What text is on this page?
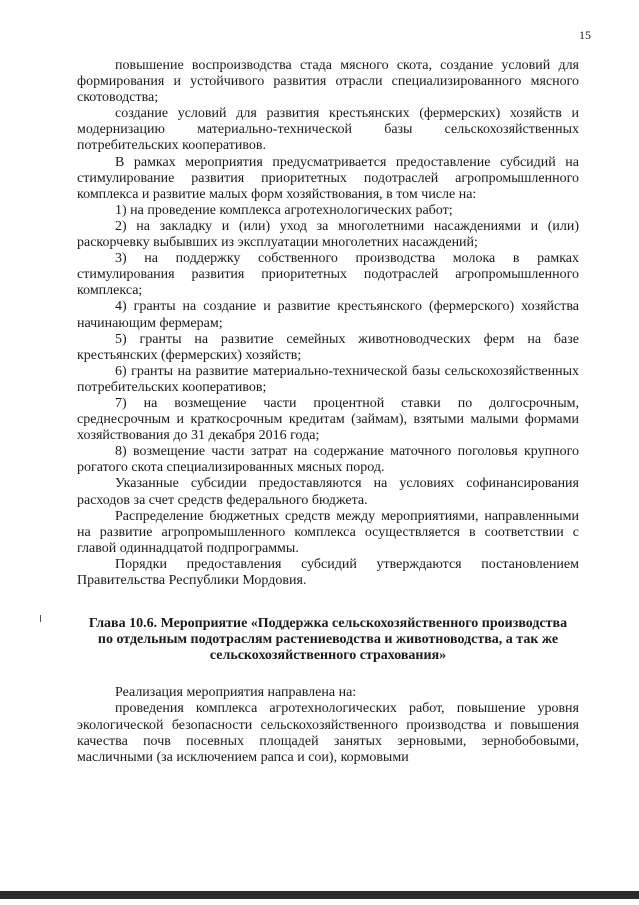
15

повышение воспроизводства стада мясного скота, создание условий для формирования и устойчивого развития отрасли специализированного мясного скотоводства;

создание условий для развития крестьянских (фермерских) хозяйств и модернизацию материально-технической базы сельскохозяйственных потребительских кооперативов.

В рамках мероприятия предусматривается предоставление субсидий на стимулирование развития приоритетных подотраслей агропромышленного комплекса и развитие малых форм хозяйствования, в том числе на:

1) на проведение комплекса агротехнологических работ;

2) на закладку и (или) уход за многолетними насаждениями и (или) раскорчевку выбывших из эксплуатации многолетних насаждений;

3) на поддержку собственного производства молока в рамках стимулирования развития приоритетных подотраслей агропромышленного комплекса;

4) гранты на создание и развитие крестьянского (фермерского) хозяйства начинающим фермерам;

5) гранты на развитие семейных животноводческих ферм на базе крестьянских (фермерских) хозяйств;

6) гранты на развитие материально-технической базы сельскохозяйственных потребительских кооперативов;

7) на возмещение части процентной ставки по долгосрочным, среднесрочным и краткосрочным кредитам (займам), взятыми малыми формами хозяйствования до 31 декабря 2016 года;

8) возмещение части затрат на содержание маточного поголовья крупного рогатого скота специализированных мясных пород.

Указанные субсидии предоставляются на условиях софинансирования расходов за счет средств федерального бюджета.

Распределение бюджетных средств между мероприятиями, направленными на развитие агропромышленного комплекса осуществляется в соответствии с главой одиннадцатой подпрограммы.

Порядки предоставления субсидий утверждаются постановлением Правительства Республики Мордовия.

Глава 10.6. Мероприятие «Поддержка сельскохозяйственного производства по отдельным подотраслям растениеводства и животноводства, а так же сельскохозяйственного страхования»

Реализация мероприятия направлена на:

проведения комплекса агротехнологических работ, повышение уровня экологической безопасности сельскохозяйственного производства и повышения качества почв посевных площадей занятых зерновыми, зернобобовыми, масличными (за исключением рапса и сои), кормовыми
